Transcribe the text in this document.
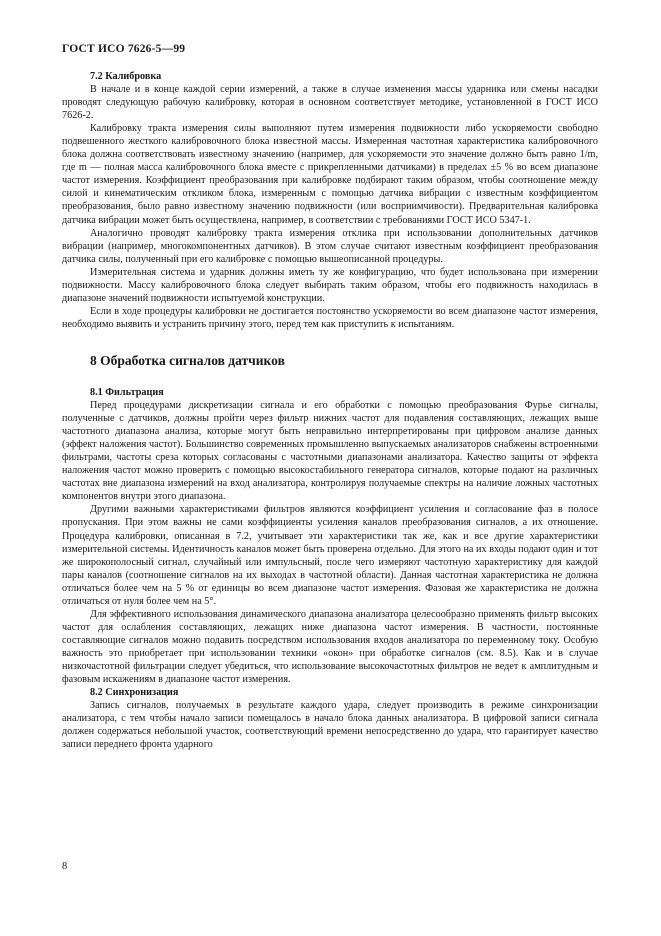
ГОСТ ИСО 7626-5—99
7.2 Калибровка

В начале и в конце каждой серии измерений, а также в случае изменения массы ударника или смены насадки проводят следующую рабочую калибровку, которая в основном соответствует методике, установленной в ГОСТ ИСО 7626-2.

Калибровку тракта измерения силы выполняют путем измерения подвижности либо ускоряемости свободно подвешенного жесткого калибровочного блока известной массы. Измеренная частотная характеристика калибровочного блока должна соответствовать известному значению (например, для ускоряемости это значение должно быть равно 1/m, где m — полная масса калибровочного блока вместе с прикрепленными датчиками) в пределах ±5 % во всем диапазоне частот измерения. Коэффициент преобразования при калибровке подбирают таким образом, чтобы соотношение между силой и кинематическим откликом блока, измеренным с помощью датчика вибрации с известным коэффициентом преобразования, было равно известному значению подвижности (или восприимчивости). Предварительная калибровка датчика вибрации может быть осуществлена, например, в соответствии с требованиями ГОСТ ИСО 5347-1.

Аналогично проводят калибровку тракта измерения отклика при использовании дополнительных датчиков вибрации (например, многокомпонентных датчиков). В этом случае считают известным коэффициент преобразования датчика силы, полученный при его калибровке с помощью вышеописанной процедуры.

Измерительная система и ударник должны иметь ту же конфигурацию, что будет использована при измерении подвижности. Массу калибровочного блока следует выбирать таким образом, чтобы его подвижность находилась в диапазоне значений подвижности испытуемой конструкции.

Если в ходе процедуры калибровки не достигается постоянство ускоряемости во всем диапазоне частот измерения, необходимо выявить и устранить причину этого, перед тем как приступить к испытаниям.

8 Обработка сигналов датчиков
8.1 Фильтрация

Перед процедурами дискретизации сигнала и его обработки с помощью преобразования Фурье сигналы, полученные с датчиков, должны пройти через фильтр нижних частот для подавления составляющих, лежащих выше частотного диапазона анализа, которые могут быть неправильно интерпретированы при цифровом анализе данных (эффект наложения частот). Большинство современных промышленно выпускаемых анализаторов снабжены встроенными фильтрами, частоты среза которых согласованы с частотными диапазонами анализатора. Качество защиты от эффекта наложения частот можно проверить с помощью высокостабильного генератора сигналов, которые подают на различных частотах вне диапазона измерений на вход анализатора, контролируя получаемые спектры на наличие ложных частотных компонентов внутри этого диапазона.

Другими важными характеристиками фильтров являются коэффициент усиления и согласование фаз в полосе пропускания. При этом важны не сами коэффициенты усиления каналов преобразования сигналов, а их отношение. Процедура калибровки, описанная в 7.2, учитывает эти характеристики так же, как и все другие характеристики измерительной системы. Идентичность каналов может быть проверена отдельно. Для этого на их входы подают один и тот же широкополосный сигнал, случайный или импульсный, после чего измеряют частотную характеристику для каждой пары каналов (соотношение сигналов на их выходах в частотной области). Данная частотная характеристика не должна отличаться более чем на 5 % от единицы во всем диапазоне частот измерения. Фазовая же характеристика не должна отличаться от нуля более чем на 5°.

Для эффективного использования динамического диапазона анализатора целесообразно применять фильтр высоких частот для ослабления составляющих, лежащих ниже диапазона частот измерения. В частности, постоянные составляющие сигналов можно подавить посредством использования входов анализатора по переменному току. Особую важность это приобретает при использовании техники «окон» при обработке сигналов (см. 8.5). Как и в случае низкочастотной фильтрации следует убедиться, что использование высокочастотных фильтров не ведет к амплитудным и фазовым искажениям в диапазоне частот измерения.

8.2 Синхронизация

Запись сигналов, получаемых в результате каждого удара, следует производить в режиме синхронизации анализатора, с тем чтобы начало записи помещалось в начало блока данных анализатора. В цифровой записи сигнала должен содержаться небольшой участок, соответствующий времени непосредственно до удара, что гарантирует качество записи переднего фронта ударного

8
